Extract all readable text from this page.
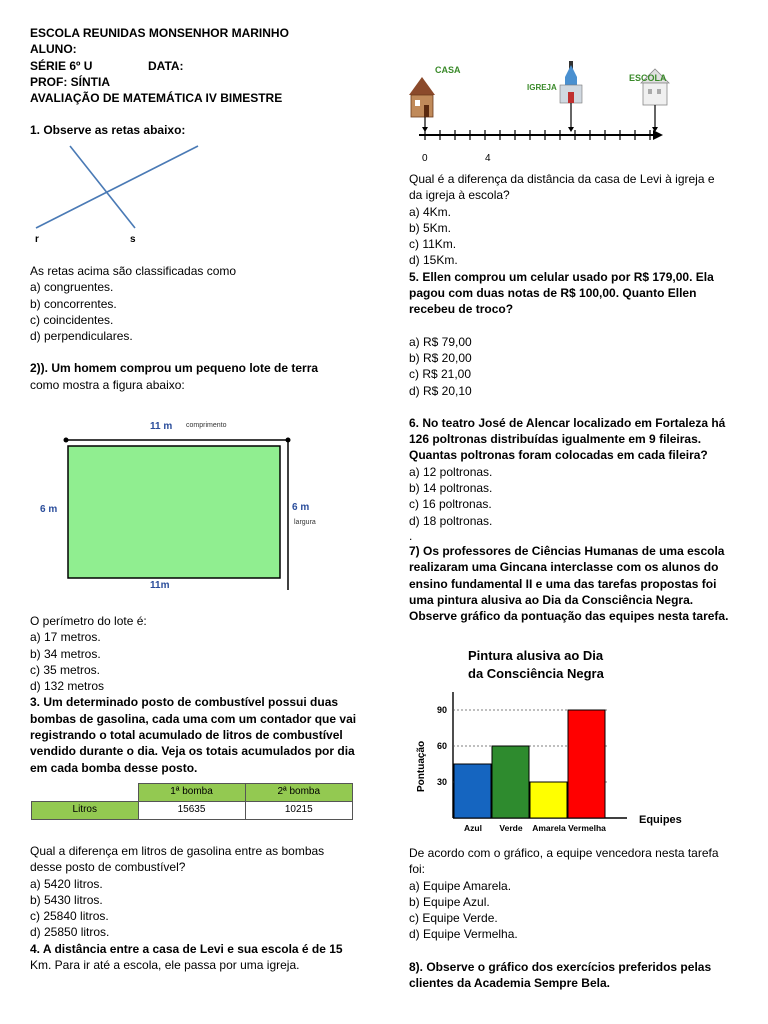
ESCOLA REUNIDAS MONSENHOR MARINHO
ALUNO:
SÉRIE 6º U	DATA:
PROF: SÍNTIA
AVALIAÇÃO DE MATEMÁTICA IV BIMESTRE
1. Observe as retas abaixo:
r	s
As retas acima são classificadas como
a) congruentes.
b) concorrentes.
c) coincidentes.
d) perpendiculares.
2)). Um homem comprou um pequeno lote de terra
como mostra a figura abaixo:
11 m comprimento
6 m	6 m
largura
11m
O perímetro do lote é:
a) 17 metros.
b) 34 metros.
c) 35 metros.
d) 132 metros
3. Um determinado posto de combustível possui duas
bombas de gasolina, cada uma com um contador que vai
registrando o total acumulado de litros de combustível
vendido durante o dia. Veja os totais acumulados por dia
em cada bomba desse posto.
	1ª bomba	2ª bomba
Litros	15635	10215
Qual a diferença em litros de gasolina entre as bombas
desse posto de combustível?
a) 5420 litros.
b) 5430 litros.
c) 25840 litros.
d) 25850 litros.
4. A distância entre a casa de Levi e sua escola é de 15
Km. Para ir até a escola, ele passa por uma igreja.
CASA
IGREJA
ESCOLA
0	4
Qual é a diferença da distância da casa de Levi à igreja e
da igreja à escola?
a) 4Km.
b) 5Km.
c) 11Km.
d) 15Km.
5. Ellen comprou um celular usado por R$ 179,00. Ela
pagou com duas notas de R$ 100,00. Quanto Ellen
recebeu de troco?
a) R$ 79,00
b) R$ 20,00
c) R$ 21,00
d) R$ 20,10
6. No teatro José de Alencar localizado em Fortaleza há
126 poltronas distribuídas igualmente em 9 fileiras.
Quantas poltronas foram colocadas em cada fileira?
a) 12 poltronas.
b) 14 poltronas.
c) 16 poltronas.
d) 18 poltronas.
.
7) Os professores de Ciências Humanas de uma escola
realizaram uma Gincana interclasse com os alunos do
ensino fundamental II e uma das tarefas propostas foi
uma pintura alusiva ao Dia da Consciência Negra.
Observe gráfico da pontuação das equipes nesta tarefa.
Pintura alusiva ao Dia
da Consciência Negra
Pontuação
Equipes
30
60
90
Azul Verde Amarela Vermelha
De acordo com o gráfico, a equipe vencedora nesta tarefa
foi:
a) Equipe Amarela.
b) Equipe Azul.
c) Equipe Verde.
d) Equipe Vermelha.
8). Observe o gráfico dos exercícios preferidos pelas
clientes da Academia Sempre Bela.
